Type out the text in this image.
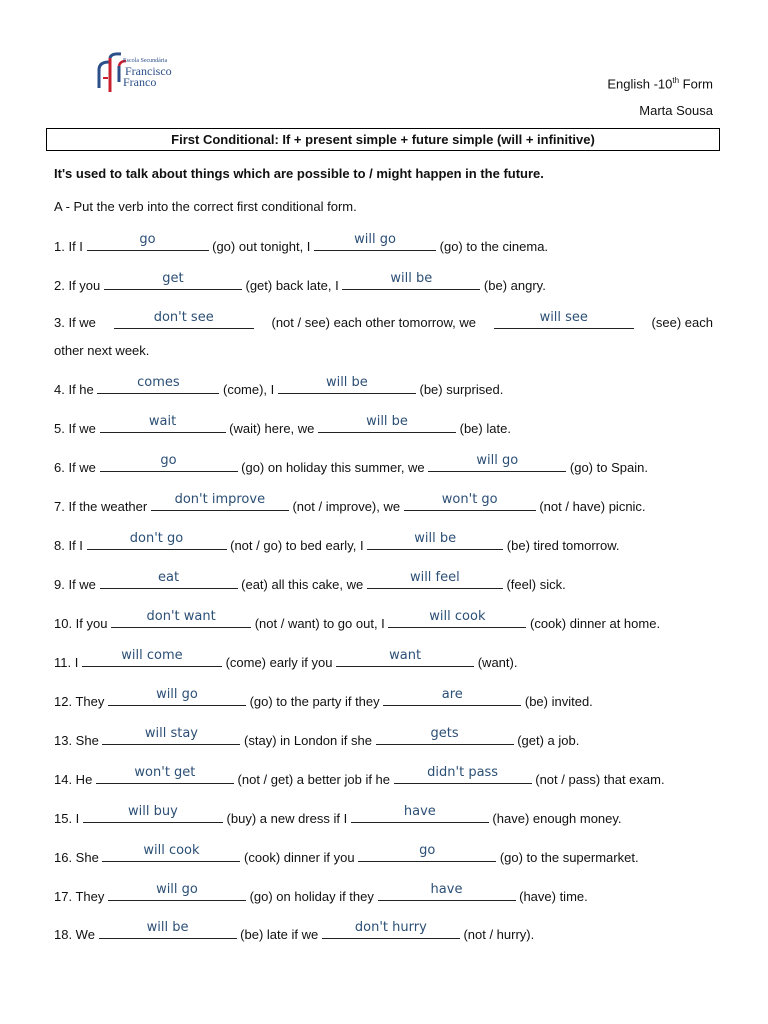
Escola Secundária
Francisco
Franco	English -10th Form
Marta Sousa
First Conditional: If + present simple + future simple (will + infinitive)
It's used to talk about things which are possible to / might happen in the future.
A - Put the verb into the correct first conditional form.
1. If I	go	(go) out tonight, I	will go	(go) to the cinema.
2. If you	get	(get) back late, I	will be	(be) angry.
3. If we	don't see	(not / see) each other tomorrow, we	will see	(see) each
other next week.
4. If he	comes	(come), I	will be	(be) surprised.
5. If we	wait	(wait) here, we	will be	(be) late.
6. If we	go	(go) on holiday this summer, we	will go	(go) to Spain.
7. If the weather	don't improve	(not / improve), we	won't go	(not / have) picnic.
8. If I	don't go	(not / go) to bed early, I	will be	(be) tired tomorrow.
9. If we	eat	(eat) all this cake, we	will feel	(feel) sick.
10. If you	don't want	(not / want) to go out, I	will cook	(cook) dinner at home.
11. I	will come	(come) early if you	want	(want).
12. They	will go	(go) to the party if they	are	(be) invited.
13. She	will stay	(stay) in London if she	gets	(get) a job.
14. He	won't get	(not / get) a better job if he	didn't pass	(not / pass) that exam.
15. I	will buy	(buy) a new dress if I	have	(have) enough money.
16. She	will cook	(cook) dinner if you	go	(go) to the supermarket.
17. They	will go	(go) on holiday if they	have	(have) time.
18. We	will be	(be) late if we	don't hurry	(not / hurry).
